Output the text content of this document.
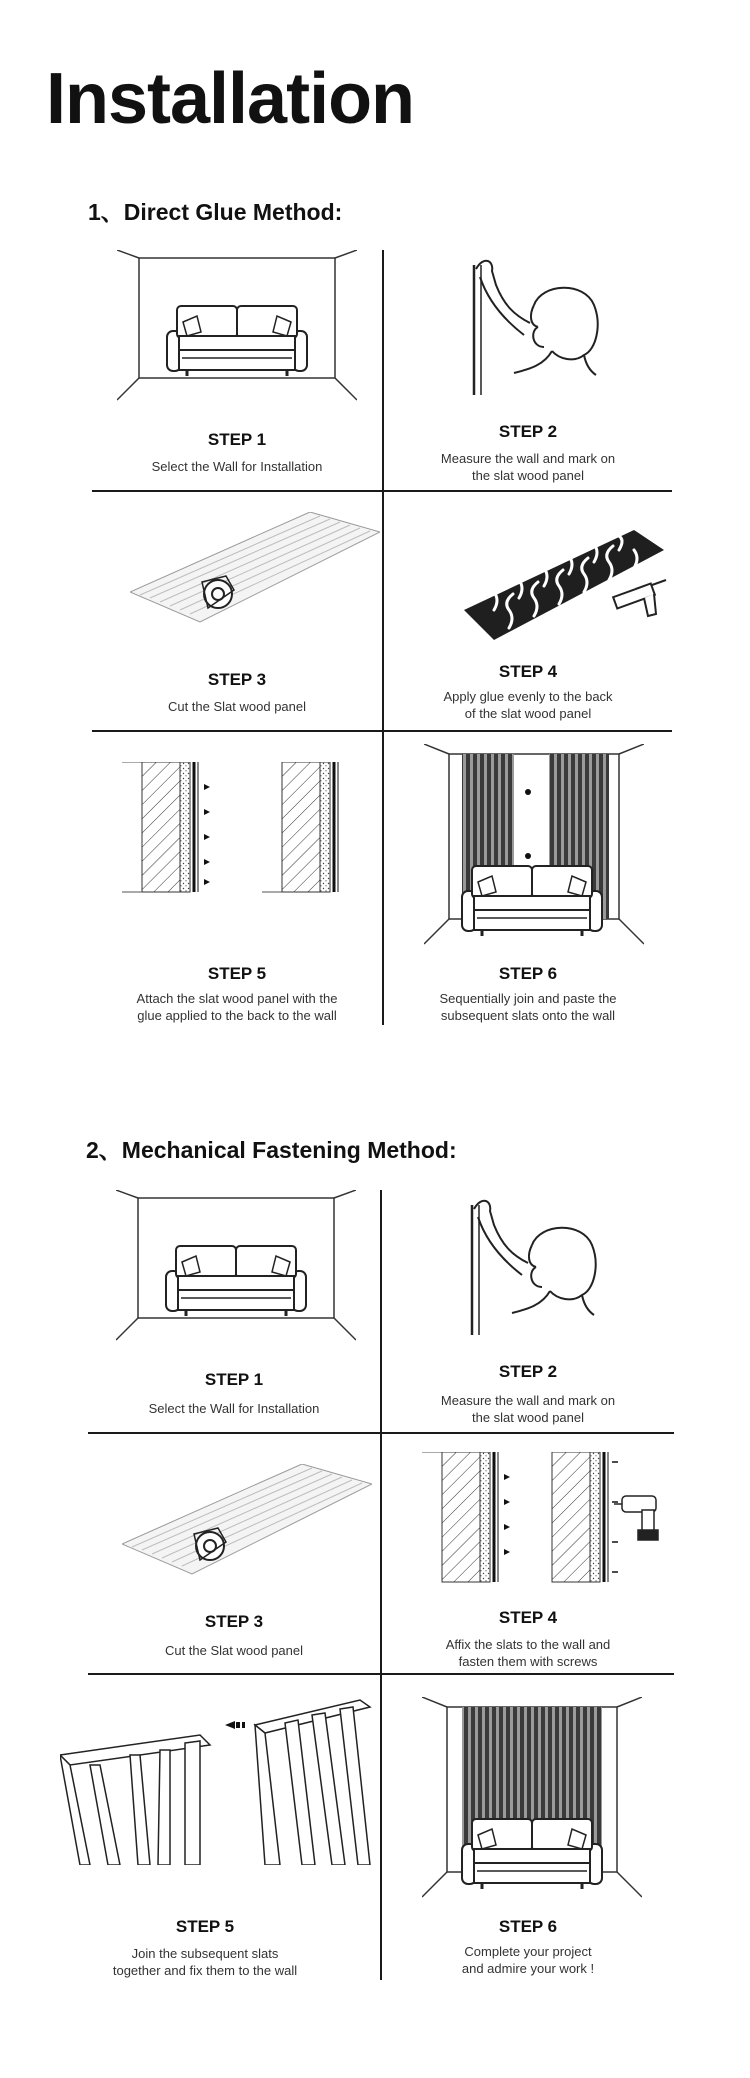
Installation
1、Direct Glue Method:
STEP 1
Select the Wall for Installation
STEP 2
Measure the wall and mark on
the slat wood panel
STEP 3
Cut the Slat wood panel
STEP 4
Apply glue evenly to the back
of the slat wood panel
STEP 5
Attach the slat wood panel with the
glue applied to the back to the wall
STEP 6
Sequentially join and paste the
subsequent slats onto the wall
2、Mechanical Fastening Method:
STEP 1
Select the Wall for Installation
STEP 2
Measure the wall and mark on
the slat wood panel
STEP 3
Cut the Slat wood panel
STEP 4
Affix the slats to the wall and
fasten them with screws
STEP 5
Join the subsequent slats
together and fix them to the wall
STEP 6
Complete your project
and admire your work !
